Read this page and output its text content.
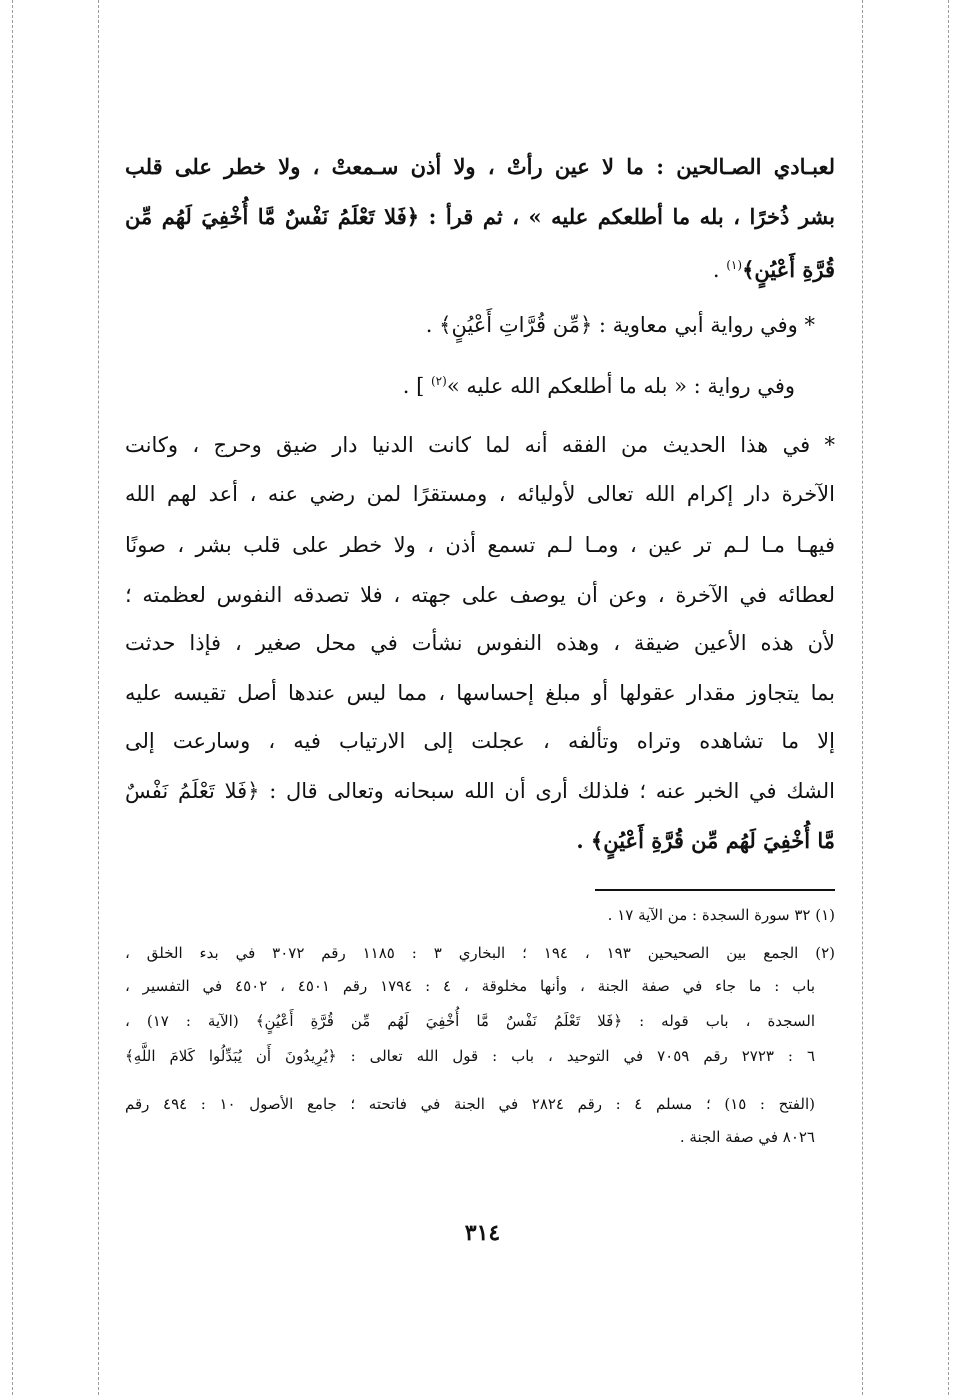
لعبـادي الصـالحين : ما لا عين رأتْ ، ولا أذن سـمعتْ ، ولا خطر على قلب
بشر ذُخرًا ، بله ما أطلعكم عليه » ، ثم قرأ : ﴿فَلا تَعْلَمُ نَفْسٌ مَّا أُخْفِيَ لَهُم مِّن
قُرَّةِ أَعْيُنٍ﴾$^{(١)}$ .
* وفي رواية أبي معاوية : ﴿مِّن قُرَّاتِ أَعْيُنٍ﴾ .
وفي رواية : « بله ما أطلعكم الله عليه »$^{(٢)}$ ] .
* في هذا الحديث من الفقه أنه لما كانت الدنيا دار ضيق وحرج ، وكانت
الآخرة دار إكرام الله تعالى لأوليائه ، ومستقرًا لمن رضي عنه ، أعد لهم الله
فيهـا مـا لـم تر عين ، ومـا لـم تسمع أذن ، ولا خطر على قلب بشر ، صونًا
لعطائه في الآخرة ، وعن أن يوصف على جهته ، فلا تصدقه النفوس لعظمته ؛
لأن هذه الأعين ضيقة ، وهذه النفوس نشأت في محل صغير ، فإذا حدثت
بما يتجاوز مقدار عقولها أو مبلغ إحساسها ، مما ليس عندها أصل تقيسه عليه
إلا ما تشاهده وتراه وتألفه ، عجلت إلى الارتياب فيه ، وسارعت إلى
الشك في الخبر عنه ؛ فلذلك أرى أن الله سبحانه وتعالى قال : ﴿فَلا تَعْلَمُ نَفْسٌ
مَّا أُخْفِيَ لَهُم مِّن قُرَّةِ أَعْيُنٍ﴾ .
(١) ٣٢ سورة السجدة : من الآية ١٧ .
(٢) الجمع بين الصحيحين ١٩٣ ، ١٩٤ ؛ البخاري ٣ : ١١٨٥ رقم ٣٠٧٢ في بدء الخلق ،
باب : ما جاء في صفة الجنة ، وأنها مخلوقة ، ٤ : ١٧٩٤ رقم ٤٥٠١ ، ٤٥٠٢ في التفسير ،
السجدة ، باب قوله : ﴿فَلا تَعْلَمُ نَفْسٌ مَّا أُخْفِيَ لَهُم مِّن قُرَّةِ أَعْيُنٍ﴾ (الآية : ١٧) ،
٦ : ٢٧٢٣ رقم ٧٠٥٩ في التوحيد ، باب : قول الله تعالى : ﴿يُرِيدُونَ أَن يُبَدِّلُوا كَلامَ اللَّهِ﴾
(الفتح : ١٥) ؛ مسلم ٤ : رقم ٢٨٢٤ في الجنة في فاتحته ؛ جامع الأصول ١٠ : ٤٩٤ رقم
٨٠٢٦ في صفة الجنة .
٣١٤
